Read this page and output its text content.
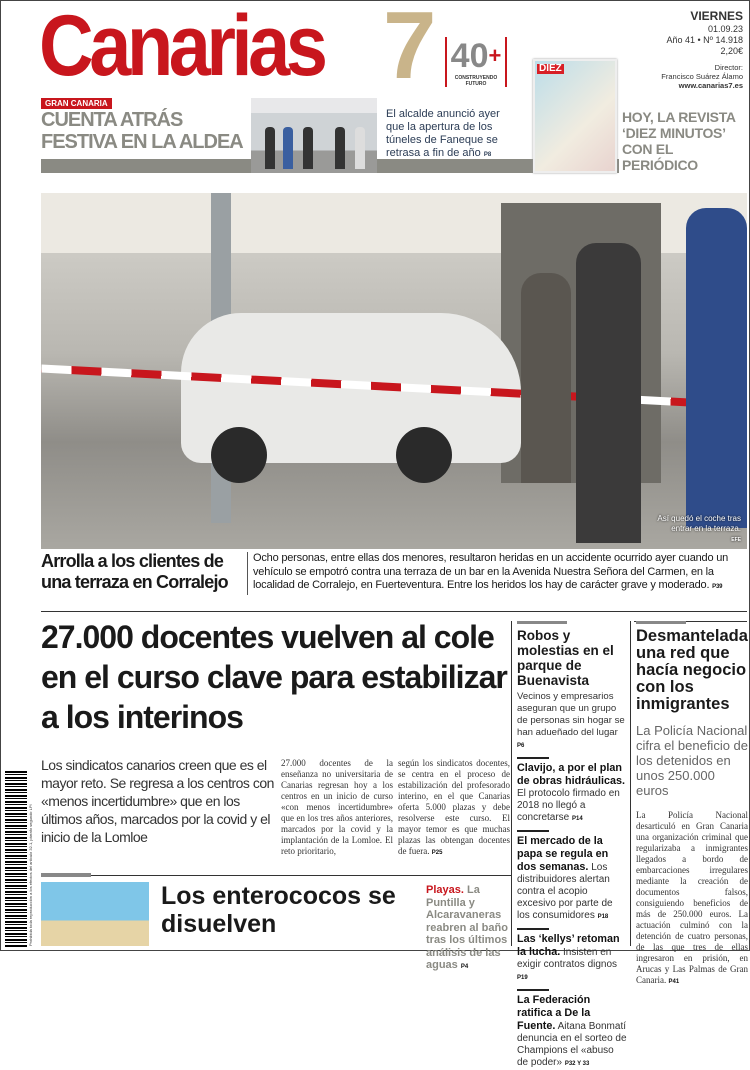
Canarias 7 40+
CONSTRUYENDO FUTURO
VIERNES
01.09.23
Año 41 • Nº 14.918
2,20€
Director:
Francisco Suárez Álamo
www.canarias7.es
GRAN CANARIA
CUENTA ATRÁS FESTIVA EN LA ALDEA
El alcalde anunció ayer que la apertura de los túneles de Faneque se retrasa a fin de año P8
DIEZ
HOY, LA REVISTA ‘DIEZ MINUTOS’ CON EL PERIÓDICO
Así quedó el coche tras entrar en la terraza.
EFE
Arrolla a los clientes de una terraza en Corralejo
Ocho personas, entre ellas dos menores, resultaron heridas en un accidente ocurrido ayer cuando un vehículo se empotró contra una terraza de un bar en la Avenida Nuestra Señora del Carmen, en la localidad de Corralejo, en Fuerteventura. Entre los heridos los hay de carácter grave y moderado. P39
27.000 docentes vuelven al cole en el curso clave para estabilizar a los interinos
Los sindicatos canarios creen que es el mayor reto. Se regresa a los centros con «menos incertidumbre» que en los últimos años, marcados por la covid y el inicio de la Lomloe
27.000 docentes de la enseñanza no universitaria de Canarias regresan hoy a los centros en un inicio de curso «con menos incertidumbre» que en los tres años anteriores, marcados por la covid y la implantación de la Lomloe. El reto prioritario,
según los sindicatos docentes, se centra en el proceso de estabilización del profesorado interino, en el que Canarias oferta 5.000 plazas y debe resolverse este curso. El mayor temor es que muchas plazas las obtengan docentes de fuera. P25
Los enterococos se disuelven
Playas. La Puntilla y Alcaravaneras reabren al baño tras los últimos análisis de las aguas P4
Robos y molestias en el parque de Buenavista

Vecinos y empresarios aseguran que un grupo de personas sin hogar se han adueñado del lugar P6

Clavijo, a por el plan de obras hidráulicas. El protocolo firmado en 2018 no llegó a concretarse P14
El mercado de la papa se regula en dos semanas. Los distribuidores alertan contra el acopio excesivo por parte de los consumidores P18
Las ‘kellys’ retoman la lucha. Insisten en exigir contratos dignos P19
La Federación ratifica a De la Fuente. Aitana Bonmatí denuncia en el sorteo de Champions el «abuso de poder» P32 Y 33
Desmantelada una red que hacía negocio con los inmigrantes
La Policía Nacional cifra el beneficio de los detenidos en unos 250.000 euros
La Policía Nacional desarticuló en Gran Canaria una organización criminal que regularizaba a inmigrantes llegados a bordo de embarcaciones irregulares mediante la creación de documentos falsos, consiguiendo beneficios de más de 250.000 euros. La actuación culminó con la detención de cuatro personas, de las que tres de ellas ingresaron en prisión, en Arucas y Las Palmas de Gran Canaria. P41
Prohibida toda reproducción a los efectos del artículo 32.1, párrafo segundo LPI
